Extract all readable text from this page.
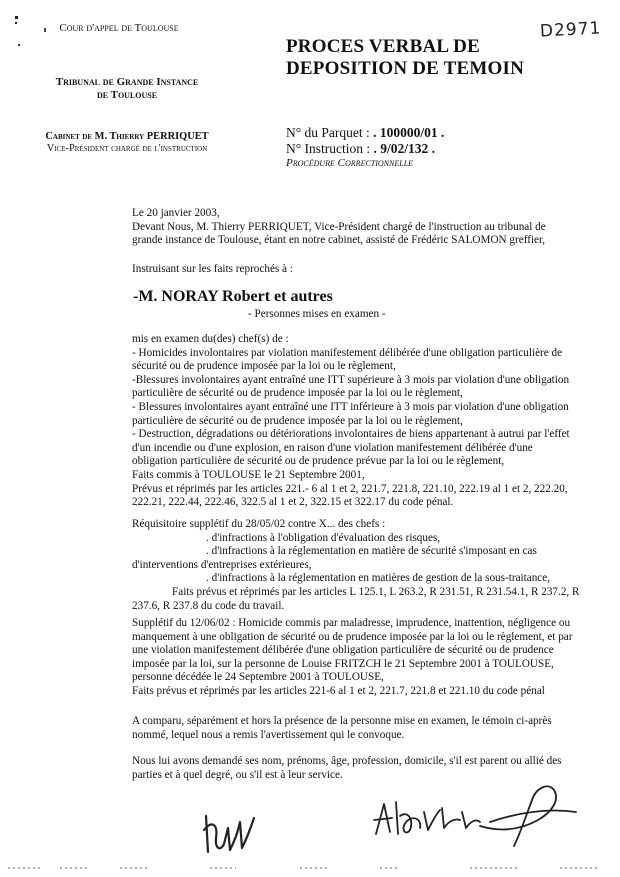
D2971
Cour d'appel de Toulouse
Tribunal de Grande Instance
de Toulouse
Cabinet de M. Thierry PERRIQUET
Vice-Président chargé de l'instruction
PROCES VERBAL DE
DEPOSITION DE TEMOIN
N° du Parquet : . 100000/01 .
N° Instruction : . 9/02/132 .
Procédure Correctionnelle
Le 20 janvier 2003,
Devant Nous, M. Thierry PERRIQUET, Vice-Président chargé de l'instruction au tribunal de
grande instance de Toulouse, étant en notre cabinet, assisté de Frédéric SALOMON greffier,
Instruisant sur les faits reprochés à :
-M. NORAY Robert et autres
- Personnes mises en examen -
mis en examen du(des) chef(s) de :
- Homicides involontaires par violation manifestement délibérée d'une obligation particulière de
sécurité ou de prudence imposée par la loi ou le règlement,
-Blessures involontaires ayant entraîné une ITT supérieure à 3 mois par violation d'une obligation
particulière de sécurité ou de prudence imposée par la loi ou le règlement,
- Blessures involontaires ayant entraîné une ITT inférieure à 3 mois par violation d'une obligation
particulière de sécurité ou de prudence imposée par la loi ou le règlement,
- Destruction, dégradations ou détériorations involontaires de biens appartenant à autrui par l'effet
d'un incendie ou d'une explosion, en raison d'une violation manifestement délibérée d'une
obligation particulière de sécurité ou de prudence prévue par la loi ou le règlement,
Faits commis à TOULOUSE le 21 Septembre 2001,
Prévus et réprimés par les articles 221.- 6 al 1 et 2, 221.7, 221.8, 221.10, 222.19 al 1 et 2, 222.20,
222.21, 222.44, 222.46, 322.5 al 1 et 2, 322.15 et 322.17 du code pénal.
Réquisitoire supplétif du 28/05/02 contre X... des chefs :
. d'infractions à l'obligation d'évaluation des risques,
. d'infractions à la réglementation en matière de sécurité s'imposant en cas
d'interventions d'entreprises extérieures,
. d'infractions à la réglementation en matières de gestion de la sous-traitance,
Faits prévus et réprimés par les articles L 125.1, L 263.2, R 231.51, R 231.54.1, R 237.2, R
237.6, R 237.8 du code du travail.
Supplétif du 12/06/02 : Homicide commis par maladresse, imprudence, inattention, négligence ou
manquement à une obligation de sécurité ou de prudence imposée par la loi ou le règlement, et par
une violation manifestement délibérée d'une obligation particulière de sécurité ou de prudence
imposée par la loi, sur la personne de Louise FRITZCH le 21 Septembre 2001 à TOULOUSE,
personne décédée le 24 Septembre 2001 à TOULOUSE,
Faits prévus et réprimés par les articles 221-6 al 1 et 2, 221.7, 221.8 et 221.10 du code pénal
A comparu, séparément et hors la présence de la personne mise en examen, le témoin ci-après
nommé, lequel nous a remis l'avertissement qui le convoque.
Nous lui avons demandé ses nom, prénoms, âge, profession, domicile, s'il est parent ou allié des
parties et à quel degré, ou s'il est à leur service.
